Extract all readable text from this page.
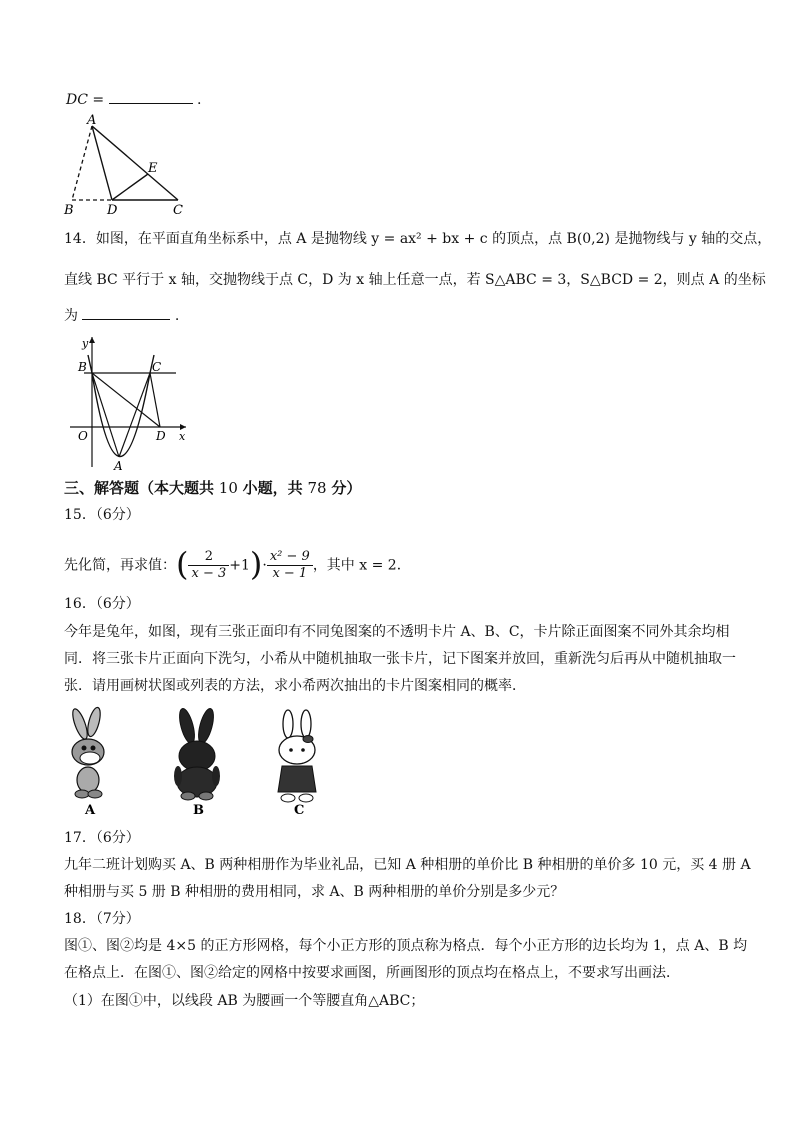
DC =	.
A
B	D	C
E
14．如图，在平面直角坐标系中，点 A 是抛物线 y = ax² + bx + c 的顶点，点 B(0,2) 是抛物线与 y 轴的交点，
直线 BC 平行于 x 轴，交抛物线于点 C，D 为 x 轴上任意一点，若 S△ABC = 3，S△BCD = 2，则点 A 的坐标
为	.
y
x
B	C
O	D
A
三、解答题（本大题共 10 小题，共 78 分）
15．（6分）
先化简，再求值：( $\frac{2}{x - 3} +1)\cdot \frac{\text{x² − 9}}{x - 1}$ ，其中 x = 2．
16．（6分）
今年是兔年，如图，现有三张正面印有不同兔图案的不透明卡片 A、B、C，卡片除正面图案不同外其余均相
同．将三张卡片正面向下洗匀，小希从中随机抽取一张卡片，记下图案并放回，重新洗匀后再从中随机抽取一
张．请用画树状图或列表的方法，求小希两次抽出的卡片图案相同的概率．
A	B	C
17．（6分）
九年二班计划购买 A、B 两种相册作为毕业礼品，已知 A 种相册的单价比 B 种相册的单价多 10 元，买 4 册 A
种相册与买 5 册 B 种相册的费用相同，求 A、B 两种相册的单价分别是多少元？
18．（7分）
图①、图②均是 4×5 的正方形网格，每个小正方形的顶点称为格点．每个小正方形的边长均为 1，点 A、B 均
在格点上．在图①、图②给定的网格中按要求画图，所画图形的顶点均在格点上，不要求写出画法．
（1）在图①中，以线段 AB 为腰画一个等腰直角△ABC；
